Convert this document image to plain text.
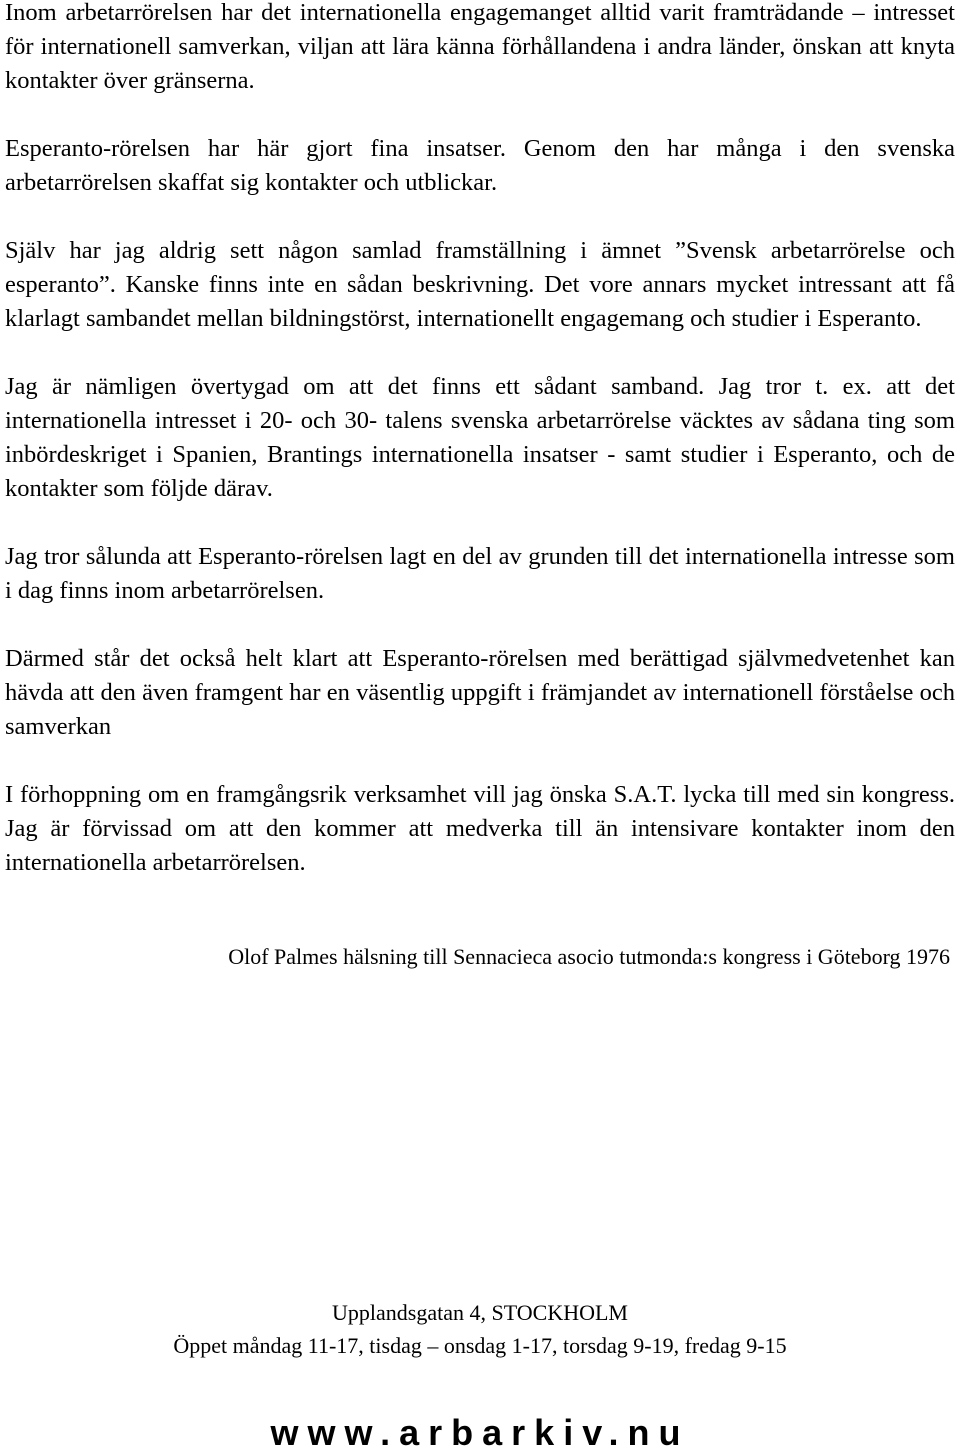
Inom arbetarrörelsen har det internationella engagemanget alltid varit framträdande – intresset för internationell samverkan, viljan att lära känna förhållandena i andra länder, önskan att knyta kontakter över gränserna.

Esperanto-rörelsen har här gjort fina insatser. Genom den har många i den svenska arbetarrörelsen skaffat sig kontakter och utblickar.

Själv har jag aldrig sett någon samlad framställning i ämnet ”Svensk arbetarrörelse och esperanto”. Kanske finns inte en sådan beskrivning. Det vore annars mycket intressant att få klarlagt sambandet mellan bildningstörst, internationellt engagemang och studier i Esperanto.

Jag är nämligen övertygad om att det finns ett sådant samband. Jag tror t. ex. att det internationella intresset i 20- och 30- talens svenska arbetarrörelse väcktes av sådana ting som inbördeskriget i Spanien, Brantings internationella insatser - samt studier i Esperanto, och de kontakter som följde därav.

Jag tror sålunda att Esperanto-rörelsen lagt en del av grunden till det internationella intresse som i dag finns inom arbetarrörelsen.

Därmed står det också helt klart att Esperanto-rörelsen med berättigad självmedvetenhet kan hävda att den även framgent har en väsentlig uppgift i främjandet av internationell förståelse och samverkan

I förhoppning om en framgångsrik verksamhet vill jag önska S.A.T. lycka till med sin kongress. Jag är förvissad om att den kommer att medverka till än intensivare kontakter inom den internationella arbetarrörelsen.

Olof Palmes hälsning till Sennacieca asocio tutmonda:s kongress i Göteborg 1976

Upplandsgatan 4, STOCKHOLM

Öppet måndag 11-17, tisdag – onsdag 1-17, torsdag 9-19, fredag 9-15

www.arbarkiv.nu
